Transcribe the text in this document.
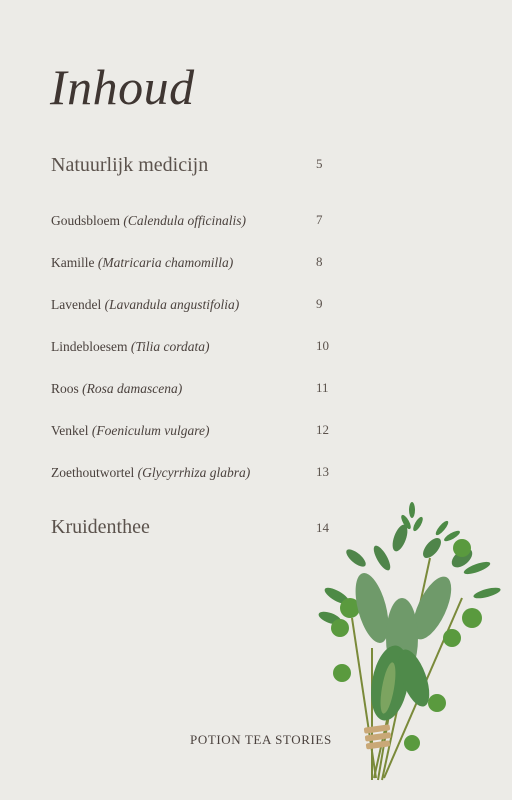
Inhoud
Natuurlijk medicijn	5
Goudsbloem (Calendula officinalis)	7
Kamille (Matricaria chamomilla)	8
Lavendel (Lavandula angustifolia)	9
Lindebloesem (Tilia cordata)	10
Roos (Rosa damascena)	11
Venkel (Foeniculum vulgare)	12
Zoethoutwortel (Glycyrrhiza glabra)	13
Kruidenthee	14
POTION TEA STORIES
